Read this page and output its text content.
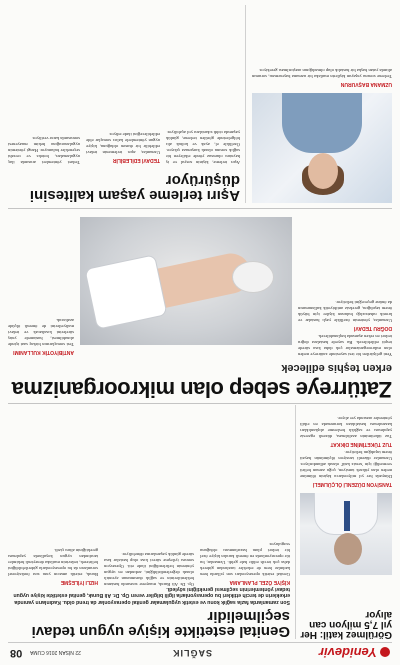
Yenidevir
SAĞLIK
22 NİSAN 2016 CUMA
08
Genital estetikte kişiye uygun tedavi seçilmelidir
Son zamanlarda fazla sağlık konu ve estetik uygulamalar genital operasyonlar da trend oldu. Kadınların yanında erkeklerin de tercih ettikleri bu operasyonlarla ilgili bilgiler veren Op. Dr. Ali Burak, genital estetikte kişiye uygun tedavi yöntemlerinin seçilmesi gerektiğini söyledi.
KİŞİYE ÖZEL PLANLAMA

Genital estetik operasyonları son yıllarda hem kadınlar hem de erkekler tarafından giderek daha çok tercih edilir hale geldi. Uzmanlar, bu tür operasyonlarda en önemli kuralın kişiye özel bir tedavi planı hazırlanması olduğunu vurguluyor.

Op. Dr. Ali Burak, muayene sırasında hastanın beklentilerinin ve sağlık durumunun ayrıntılı olarak değerlendirildiğini, ardından en uygun yöntemin belirlendiğini ifade etti. Operasyon sonrası iyileşme süreci kısa olup hastalar kısa sürede günlük yaşamlarına dönebiliyor.

HIZLI İYİLEŞME

Burak, estetik amacın yanı sıra fonksiyonel sorunların da bu operasyonlarla giderilebildiğini belirterek, tedavinin mutlaka deneyimli hekimler tarafından uygun koşullarda yapılması gerektiğinin altını çizdi.

Görülmez katil: Her yıl 7,5 milyon can alıyor
TANSİYON DÜZENLİ ÖLÇÜLMELİ

Dünyada her yıl milyonlarca kişinin ölümüne neden olan yüksek tansiyon, çoğu zaman belirti vermediği için 'sessiz katil' olarak adlandırılıyor. Uzmanlar düzenli tansiyon ölçümünün hayati önem taşıdığını belirtiyor.

TUZ TÜKETİMİNE DİKKAT

Tuz tüketiminin azaltılması, düzenli egzersiz yapılması ve sağlıklı beslenme alışkanlıkları kazanılması hastalıktan korunmada en etkili yöntemler arasında yer alıyor.

Zatürreye sebep olan mikroorganizma
erken teşhis edilecek

Yeni geliştirilen bir test sayesinde zatürreye neden olan mikroorganizmalar çok daha kısa sürede tespit edilebilecek. Bu sayede hastalara doğru tedavi en erken aşamada başlanabilecek.

DOĞRU TEDAVİ

Uzmanlar, yöntemin özellikle yaşlı hastalar ve kronik rahatsızlığı bulunan kişiler için büyük önem taşıdığını, gereksiz antibiyotik kullanımının da önüne geçeceğini belirtiyor.

ANTİBİYOTİK KULLANIMI

Test sonuçlarının birkaç saat içinde alınabilmesi, hastanede yatış sürelerini kısaltacak ve tedavi maliyetlerini de önemli ölçüde azaltacak.

Aşırı terleme yaşam kalitesini düşürüyor

Aşırı terleme, kişinin sosyal ve iş hayatını olumsuz yönde etkileyen bir sağlık sorunu olarak karşımıza çıkıyor. Özellikle el, ayak ve koltuk altı bölgelerinde görülen terleme, günlük yaşamda ciddi sıkıntılara yol açabiliyor.

TEDAVİ EDİLEBİLİR

Uzmanlar, aşırı terlemenin tedavi edilebilir bir durum olduğunu, kişiye uygun yöntemlerle kalıcı sonuçlar elde edilebileceğini ifade ediyor.

Tedavi yöntemleri arasında ilaç uygulamaları, botoks ve cerrahi seçenekler bulunuyor. Hangi yöntemin uygulanacağına hekim muayenesi sonrasında karar veriliyor.

UZMANA BAŞVURUN

Terleme sorunu yaşayan kişilerin mutlaka bir uzmana başvurması, sorunun altında yatan başka bir hastalık olup olmadığının araştırılması gerekiyor.
